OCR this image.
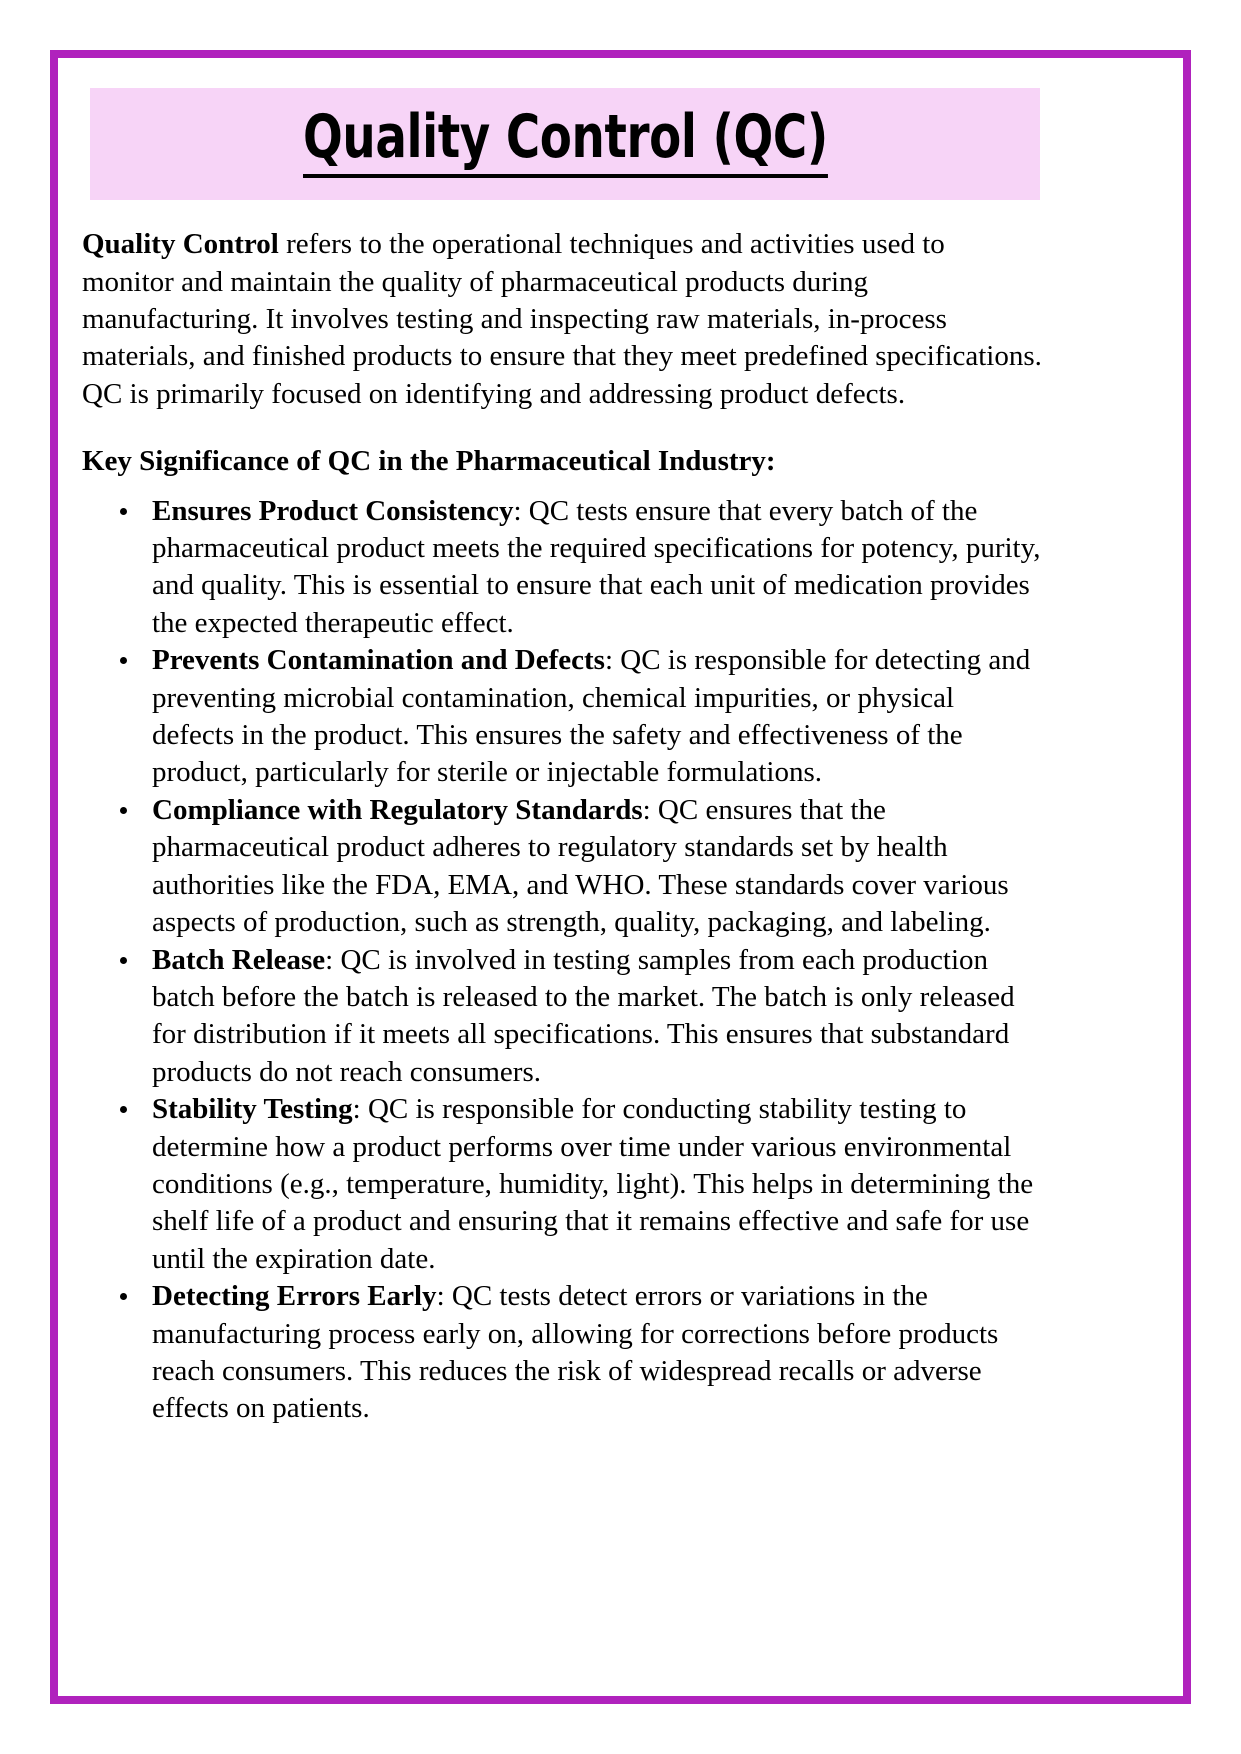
Quality Control (QC)

Quality Control refers to the operational techniques and activities used to monitor and maintain the quality of pharmaceutical products during manufacturing. It involves testing and inspecting raw materials, in-process materials, and finished products to ensure that they meet predefined specifications. QC is primarily focused on identifying and addressing product defects.

Key Significance of QC in the Pharmaceutical Industry:
Ensures Product Consistency: QC tests ensure that every batch of the pharmaceutical product meets the required specifications for potency, purity, and quality. This is essential to ensure that each unit of medication provides the expected therapeutic effect.
Prevents Contamination and Defects: QC is responsible for detecting and preventing microbial contamination, chemical impurities, or physical defects in the product. This ensures the safety and effectiveness of the product, particularly for sterile or injectable formulations.
Compliance with Regulatory Standards: QC ensures that the pharmaceutical product adheres to regulatory standards set by health authorities like the FDA, EMA, and WHO. These standards cover various aspects of production, such as strength, quality, packaging, and labeling.
Batch Release: QC is involved in testing samples from each production batch before the batch is released to the market. The batch is only released for distribution if it meets all specifications. This ensures that substandard products do not reach consumers.
Stability Testing: QC is responsible for conducting stability testing to determine how a product performs over time under various environmental conditions (e.g., temperature, humidity, light). This helps in determining the shelf life of a product and ensuring that it remains effective and safe for use until the expiration date.
Detecting Errors Early: QC tests detect errors or variations in the manufacturing process early on, allowing for corrections before products reach consumers. This reduces the risk of widespread recalls or adverse effects on patients.
